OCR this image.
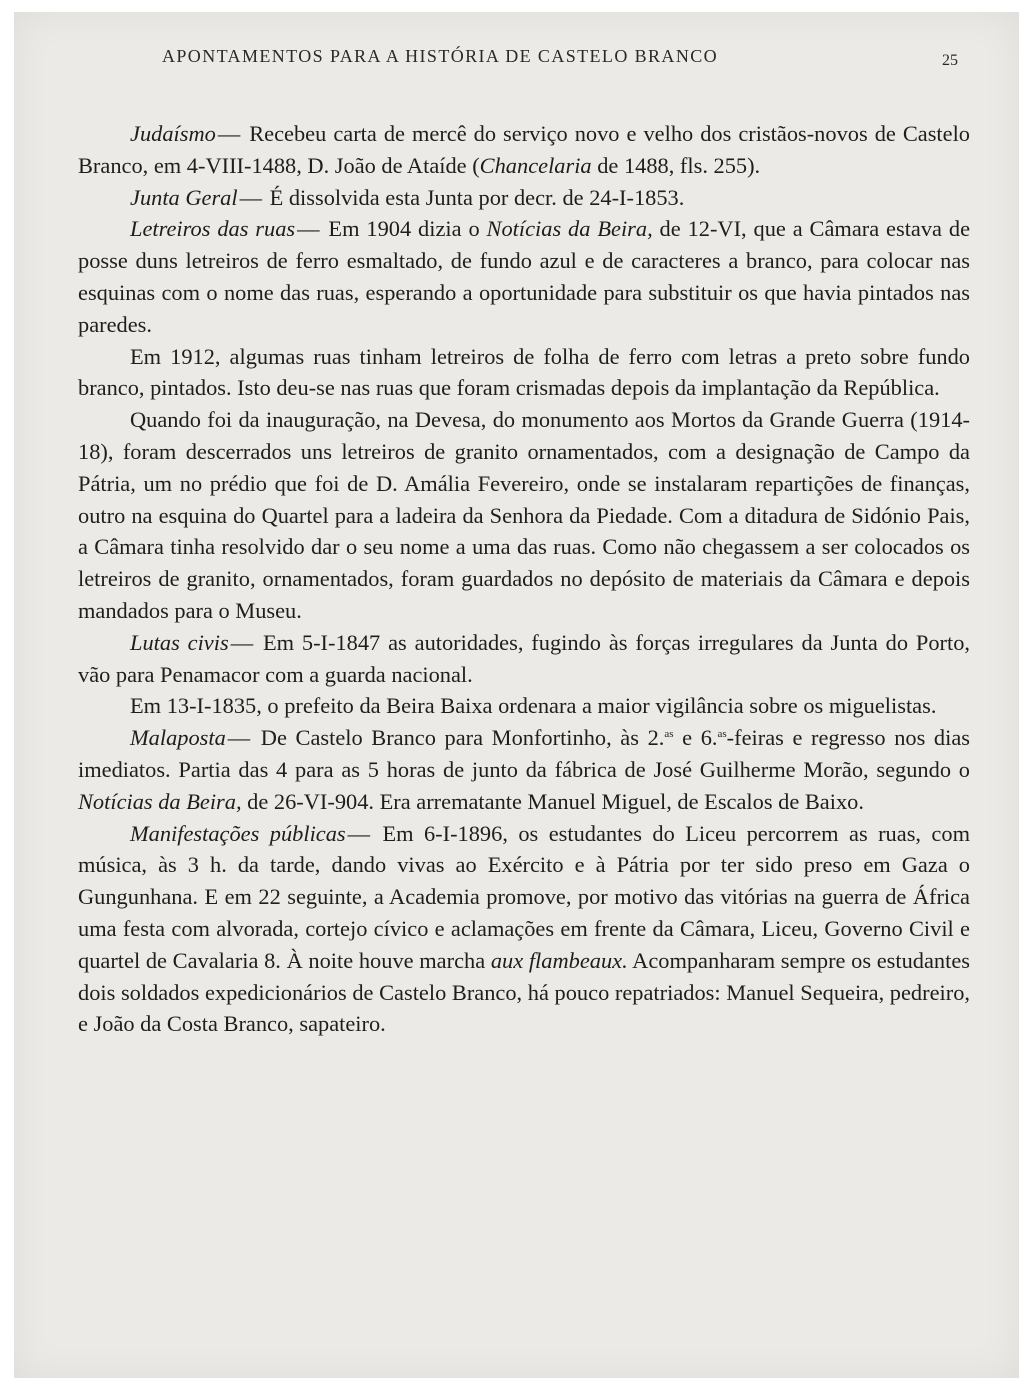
APONTAMENTOS PARA A HISTÓRIA DE CASTELO BRANCO	25

Judaísmo— Recebeu carta de mercê do serviço novo e velho dos cristãos-novos de Castelo Branco, em 4-VIII-1488, D. João de Ataíde (Chancelaria de 1488, fls. 255).

Junta Geral— É dissolvida esta Junta por decr. de 24-I-1853.

Letreiros das ruas— Em 1904 dizia o Notícias da Beira, de 12-VI, que a Câmara estava de posse duns letreiros de ferro esmaltado, de fundo azul e de caracteres a branco, para colocar nas esquinas com o nome das ruas, esperando a oportunidade para substituir os que havia pintados nas paredes.

Em 1912, algumas ruas tinham letreiros de folha de ferro com letras a preto sobre fundo branco, pintados. Isto deu-se nas ruas que foram crismadas depois da implantação da República.

Quando foi da inauguração, na Devesa, do monumento aos Mortos da Grande Guerra (1914-18), foram descerrados uns letreiros de granito ornamentados, com a designação de Campo da Pátria, um no prédio que foi de D. Amália Fevereiro, onde se instalaram repartições de finanças, outro na esquina do Quartel para a ladeira da Senhora da Piedade. Com a ditadura de Sidónio Pais, a Câmara tinha resolvido dar o seu nome a uma das ruas. Como não chegassem a ser colocados os letreiros de granito, ornamentados, foram guardados no depósito de materiais da Câmara e depois mandados para o Museu.

Lutas civis— Em 5-I-1847 as autoridades, fugindo às forças irregulares da Junta do Porto, vão para Penamacor com a guarda nacional.

Em 13-I-1835, o prefeito da Beira Baixa ordenara a maior vigilância sobre os miguelistas.

Malaposta— De Castelo Branco para Monfortinho, às 2.$^{as}$ e 6.$^{as}$-feiras e regresso nos dias imediatos. Partia das 4 para as 5 horas de junto da fábrica de José Guilherme Morão, segundo o Notícias da Beira, de 26-VI-904. Era arrematante Manuel Miguel, de Escalos de Baixo.

Manifestações públicas— Em 6-I-1896, os estudantes do Liceu percorrem as ruas, com música, às 3 h. da tarde, dando vivas ao Exército e à Pátria por ter sido preso em Gaza o Gungunhana. E em 22 seguinte, a Academia promove, por motivo das vitórias na guerra de África uma festa com alvorada, cortejo cívico e aclamações em frente da Câmara, Liceu, Governo Civil e quartel de Cavalaria 8. À noite houve marcha aux flambeaux. Acompanharam sempre os estudantes dois soldados expedicionários de Castelo Branco, há pouco repatriados: Manuel Sequeira, pedreiro, e João da Costa Branco, sapateiro.
